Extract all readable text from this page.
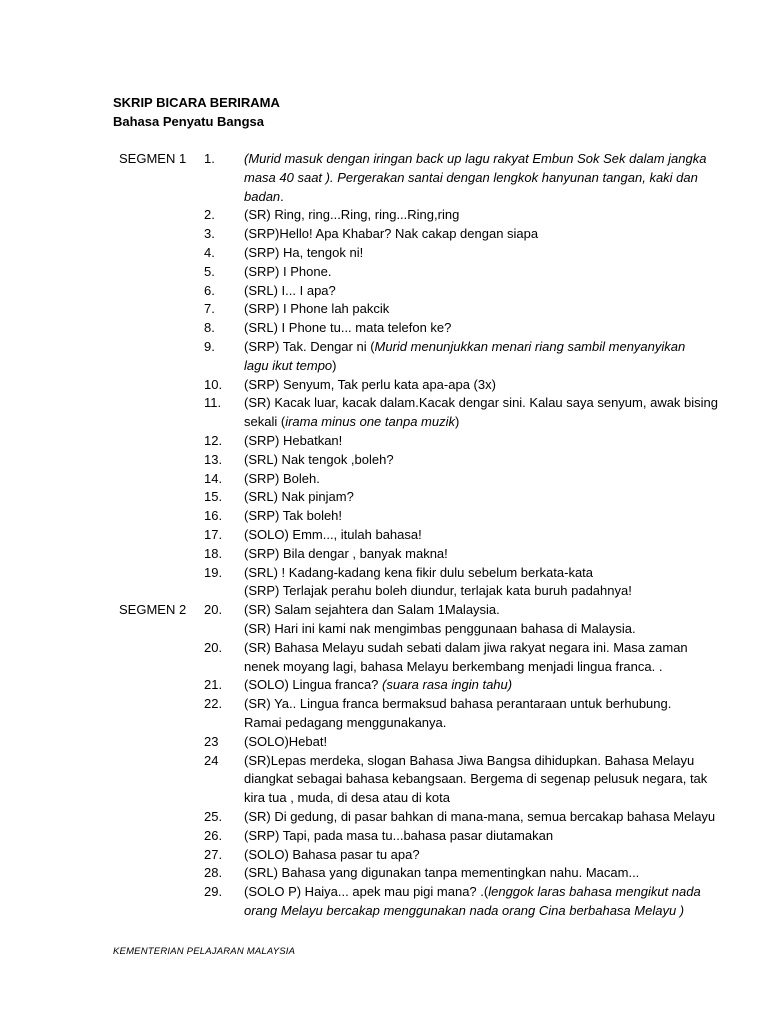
SKRIP BICARA BERIRAMA
Bahasa Penyatu Bangsa
SEGMEN 1 1. (Murid masuk dengan iringan back up lagu rakyat Embun Sok Sek dalam jangka
masa 40 saat ). Pergerakan santai dengan lengkok hanyunan tangan, kaki dan
badan.
2. (SR) Ring, ring...Ring, ring...Ring,ring
3. (SRP)Hello! Apa Khabar? Nak cakap dengan siapa
4. (SRP) Ha, tengok ni!
5. (SRP) I Phone.
6. (SRL) I... I apa?
7. (SRP) I Phone lah pakcik
8. (SRL) I Phone tu... mata telefon ke?
9. (SRP) Tak. Dengar ni (Murid menunjukkan menari riang sambil menyanyikan
lagu ikut tempo)
10. (SRP) Senyum, Tak perlu kata apa-apa (3x)
11. (SR) Kacak luar, kacak dalam.Kacak dengar sini. Kalau saya senyum, awak bising
sekali (irama minus one tanpa muzik)
12. (SRP) Hebatkan!
13. (SRL) Nak tengok ,boleh?
14. (SRP) Boleh.
15. (SRL) Nak pinjam?
16. (SRP) Tak boleh!
17. (SOLO) Emm..., itulah bahasa!
18. (SRP) Bila dengar , banyak makna!
19. (SRL) ! Kadang-kadang kena fikir dulu sebelum berkata-kata
(SRP) Terlajak perahu boleh diundur, terlajak kata buruh padahnya!
SEGMEN 2 20. (SR) Salam sejahtera dan Salam 1Malaysia.
(SR) Hari ini kami nak mengimbas penggunaan bahasa di Malaysia.
20. (SR) Bahasa Melayu sudah sebati dalam jiwa rakyat negara ini. Masa zaman
nenek moyang lagi, bahasa Melayu berkembang menjadi lingua franca. .
21. (SOLO) Lingua franca? (suara rasa ingin tahu)
22. (SR) Ya.. Lingua franca bermaksud bahasa perantaraan untuk berhubung.
Ramai pedagang menggunakanya.
23 (SOLO)Hebat!
24 (SR)Lepas merdeka, slogan Bahasa Jiwa Bangsa dihidupkan. Bahasa Melayu
diangkat sebagai bahasa kebangsaan. Bergema di segenap pelusuk negara, tak
kira tua , muda, di desa atau di kota
25. (SR) Di gedung, di pasar bahkan di mana-mana, semua bercakap bahasa Melayu
26. (SRP) Tapi, pada masa tu...bahasa pasar diutamakan
27. (SOLO) Bahasa pasar tu apa?
28. (SRL) Bahasa yang digunakan tanpa mementingkan nahu. Macam...
29. (SOLO P) Haiya... apek mau pigi mana? .(lenggok laras bahasa mengikut nada
orang Melayu bercakap menggunakan nada orang Cina berbahasa Melayu )
KEMENTERIAN PELAJARAN MALAYSIA
